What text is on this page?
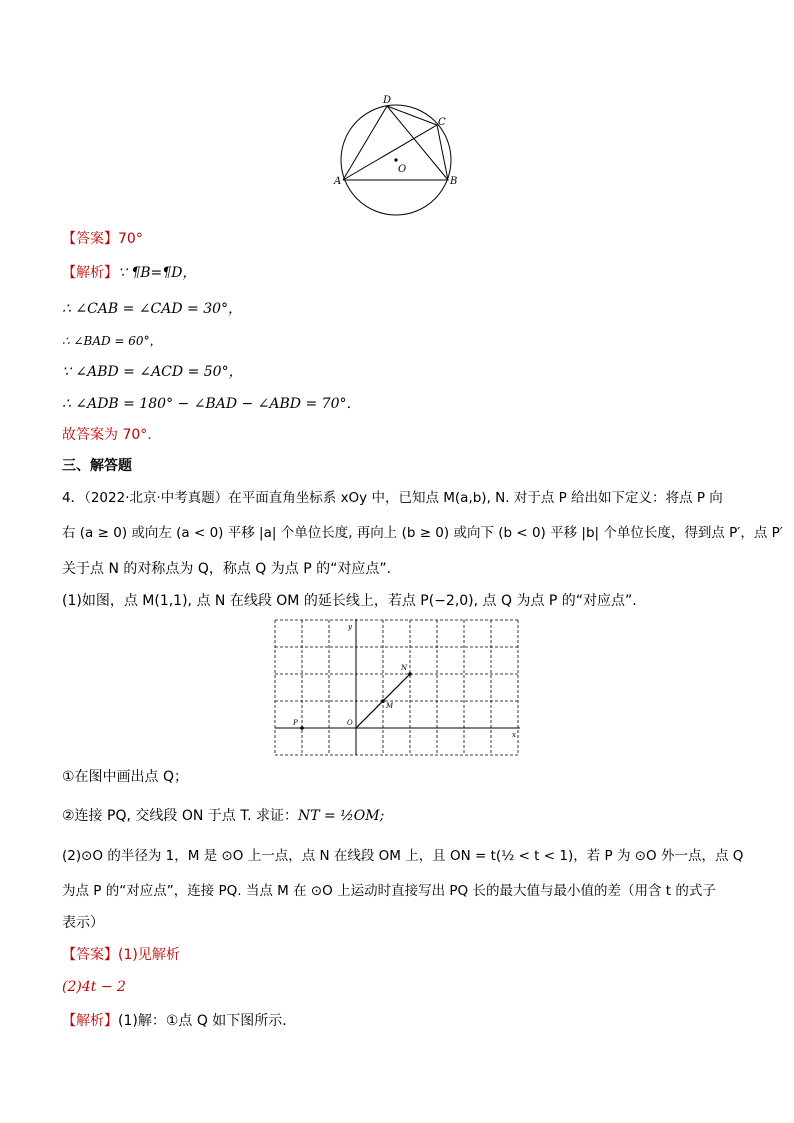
A	B
C
D
O
【答案】70°
【解析】∵ ¶B=¶D，
∴ ∠CAB = ∠CAD = 30°，
∴ ∠BAD = 60°，
∵ ∠ABD = ∠ACD = 50°，
∴ ∠ADB = 180° − ∠BAD − ∠ABD = 70°．
故答案为 70°.
三、解答题
4．（2022·北京·中考真题）在平面直角坐标系 xOy 中，已知点 M(a,b), N. 对于点 P 给出如下定义：将点 P 向
右 (a ≥ 0) 或向左 (a < 0) 平移 |a| 个单位长度, 再向上 (b ≥ 0) 或向下 (b < 0) 平移 |b| 个单位长度，得到点 P′，点 P′
关于点 N 的对称点为 Q，称点 Q 为点 P 的“对应点”.
(1)如图，点 M(1,1), 点 N 在线段 OM 的延长线上，若点 P(−2,0), 点 Q 为点 P 的“对应点”.
x
y
O
P
M
N
①在图中画出点 Q；
②连接 PQ, 交线段 ON 于点 T. 求证：NT = ½OM;
(2)⊙O 的半径为 1，M 是 ⊙O 上一点，点 N 在线段 OM 上，且 ON = t(½ < t < 1)，若 P 为 ⊙O 外一点，点 Q
为点 P 的“对应点”，连接 PQ. 当点 M 在 ⊙O 上运动时直接写出 PQ 长的最大值与最小值的差（用含 t 的式子
表示）
【答案】(1)见解析
(2)4t − 2
【解析】(1)解：①点 Q 如下图所示.
